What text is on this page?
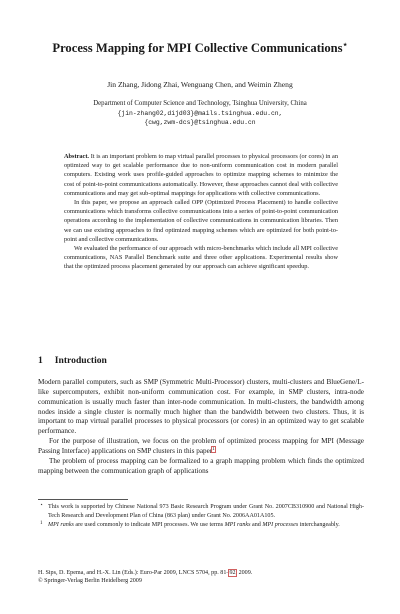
Process Mapping for MPI Collective Communications⋆
Jin Zhang, Jidong Zhai, Wenguang Chen, and Weimin Zheng
Department of Computer Science and Technology, Tsinghua University, China
{jin-zhang02,dijd03}@mails.tsinghua.edu.cn,
{cwg,zwm-dcs}@tsinghua.edu.cn

Abstract. It is an important problem to map virtual parallel processes to physical processors (or cores) in an optimized way to get scalable performance due to non-uniform communication cost in modern parallel computers. Existing work uses profile-guided approaches to optimize mapping schemes to minimize the cost of point-to-point communications automatically. However, these approaches cannot deal with collective communications and may get sub-optimal mappings for applications with collective communications.

In this paper, we propose an approach called OPP (Optimized Process Placement) to handle collective communications which transforms collective communications into a series of point-to-point communication operations according to the implementation of collective communications in communication libraries. Then we can use existing approaches to find optimized mapping schemes which are optimized for both point-to-point and collective communications.

We evaluated the performance of our approach with micro-benchmarks which include all MPI collective communications, NAS Parallel Benchmark suite and three other applications. Experimental results show that the optimized process placement generated by our approach can achieve significant speedup.

1 Introduction

Modern parallel computers, such as SMP (Symmetric Multi-Processor) clusters, multi-clusters and BlueGene/L-like supercomputers, exhibit non-uniform communication cost. For example, in SMP clusters, intra-node communication is usually much faster than inter-node communication. In multi-clusters, the bandwidth among nodes inside a single cluster is normally much higher than the bandwidth between two clusters. Thus, it is important to map virtual parallel processes to physical processors (or cores) in an optimized way to get scalable performance.

For the purpose of illustration, we focus on the problem of optimized process mapping for MPI (Message Passing Interface) applications on SMP clusters in this paper$^1$.

The problem of process mapping can be formalized to a graph mapping problem which finds the optimized mapping between the communication graph of applications

⋆ This work is supported by Chinese National 973 Basic Research Program under Grant No. 2007CB310900 and National High-Tech Research and Development Plan of China (863 plan) under Grant No. 2006AA01A105.
1 MPI ranks are used commonly to indicate MPI processes. We use terms MPI ranks and MPI processes interchangeably.
H. Sips, D. Epema, and H.-X. Lin (Eds.): Euro-Par 2009, LNCS 5704, pp. 81–92, 2009.
© Springer-Verlag Berlin Heidelberg 2009
